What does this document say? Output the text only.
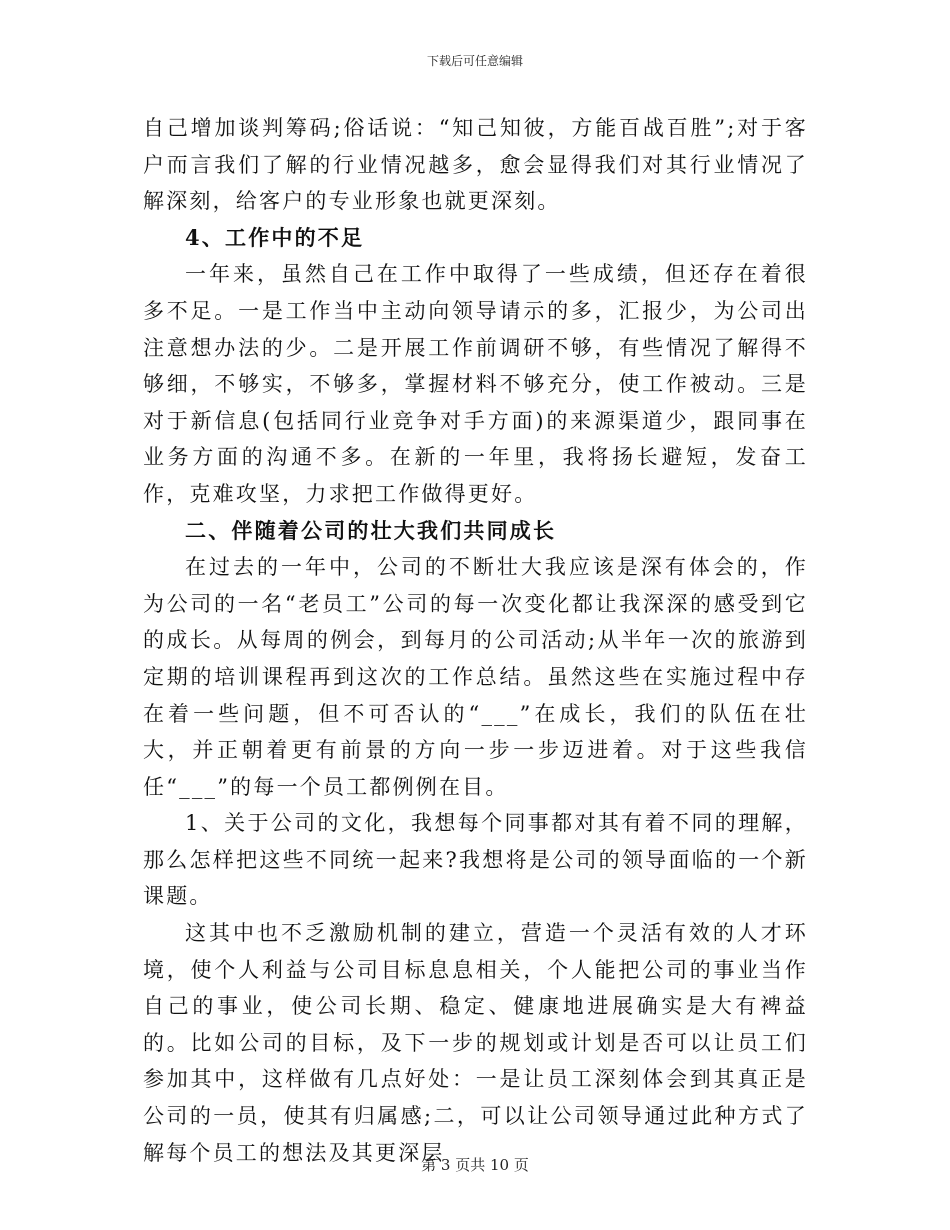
下载后可任意编辑

自己增加谈判筹码;俗话说：“知己知彼，方能百战百胜”;对于客户而言我们了解的行业情况越多，愈会显得我们对其行业情况了解深刻，给客户的专业形象也就更深刻。

4、工作中的不足

一年来，虽然自己在工作中取得了一些成绩，但还存在着很多不足。一是工作当中主动向领导请示的多，汇报少，为公司出注意想办法的少。二是开展工作前调研不够，有些情况了解得不够细，不够实，不够多，掌握材料不够充分，使工作被动。三是对于新信息(包括同行业竞争对手方面)的来源渠道少，跟同事在业务方面的沟通不多。在新的一年里，我将扬长避短，发奋工作，克难攻坚，力求把工作做得更好。

二、伴随着公司的壮大我们共同成长

在过去的一年中，公司的不断壮大我应该是深有体会的，作为公司的一名“老员工”公司的每一次变化都让我深深的感受到它的成长。从每周的例会，到每月的公司活动;从半年一次的旅游到定期的培训课程再到这次的工作总结。虽然这些在实施过程中存在着一些问题，但不可否认的“___”在成长，我们的队伍在壮大，并正朝着更有前景的方向一步一步迈进着。对于这些我信任“___”的每一个员工都例例在目。

1、关于公司的文化，我想每个同事都对其有着不同的理解，那么怎样把这些不同统一起来?我想将是公司的领导面临的一个新课题。

这其中也不乏激励机制的建立，营造一个灵活有效的人才环境，使个人利益与公司目标息息相关，个人能把公司的事业当作自己的事业，使公司长期、稳定、健康地进展确实是大有裨益的。比如公司的目标，及下一步的规划或计划是否可以让员工们参加其中，这样做有几点好处：一是让员工深刻体会到其真正是公司的一员，使其有归属感;二，可以让公司领导通过此种方式了解每个员工的想法及其更深层

第 3 页共 10 页
